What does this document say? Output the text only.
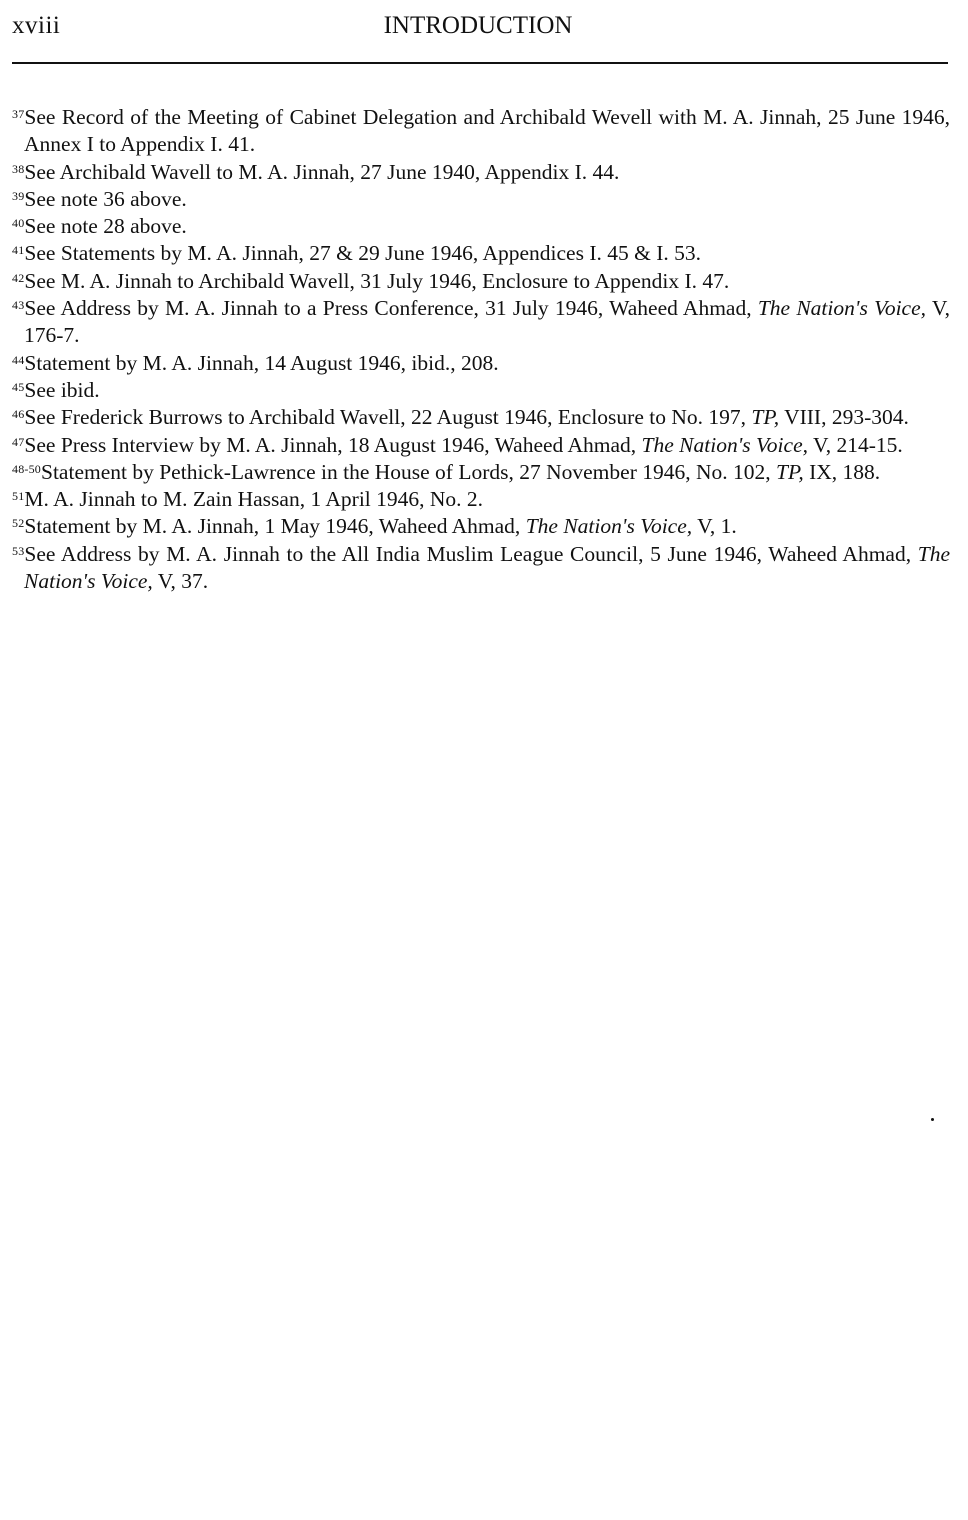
xviii	INTRODUCTION
$^{37}$See Record of the Meeting of Cabinet Delegation and Archibald Wevell with M. A. Jinnah, 25 June 1946, Annex I to Appendix I. 41.
$^{38}$See Archibald Wavell to M. A. Jinnah, 27 June 1940, Appendix I. 44.
$^{39}$See note 36 above.
$^{40}$See note 28 above.
$^{41}$See Statements by M. A. Jinnah, 27 & 29 June 1946, Appendices I. 45 & I. 53.
$^{42}$See M. A. Jinnah to Archibald Wavell, 31 July 1946, Enclosure to Appendix I. 47.
$^{43}$See Address by M. A. Jinnah to a Press Conference, 31 July 1946, Waheed Ahmad, The Nation's Voice, V, 176-7.
$^{44}$Statement by M. A. Jinnah, 14 August 1946, ibid., 208.
$^{45}$See ibid.
$^{46}$See Frederick Burrows to Archibald Wavell, 22 August 1946, Enclosure to No. 197, TP, VIII, 293-304.
$^{47}$See Press Interview by M. A. Jinnah, 18 August 1946, Waheed Ahmad, The Nation's Voice, V, 214-15.
$^{48-50}$Statement by Pethick-Lawrence in the House of Lords, 27 November 1946, No. 102, TP, IX, 188.
$^{51}$M. A. Jinnah to M. Zain Hassan, 1 April 1946, No. 2.
$^{52}$Statement by M. A. Jinnah, 1 May 1946, Waheed Ahmad, The Nation's Voice, V, 1.
$^{53}$See Address by M. A. Jinnah to the All India Muslim League Council, 5 June 1946, Waheed Ahmad, The Nation's Voice, V, 37.
